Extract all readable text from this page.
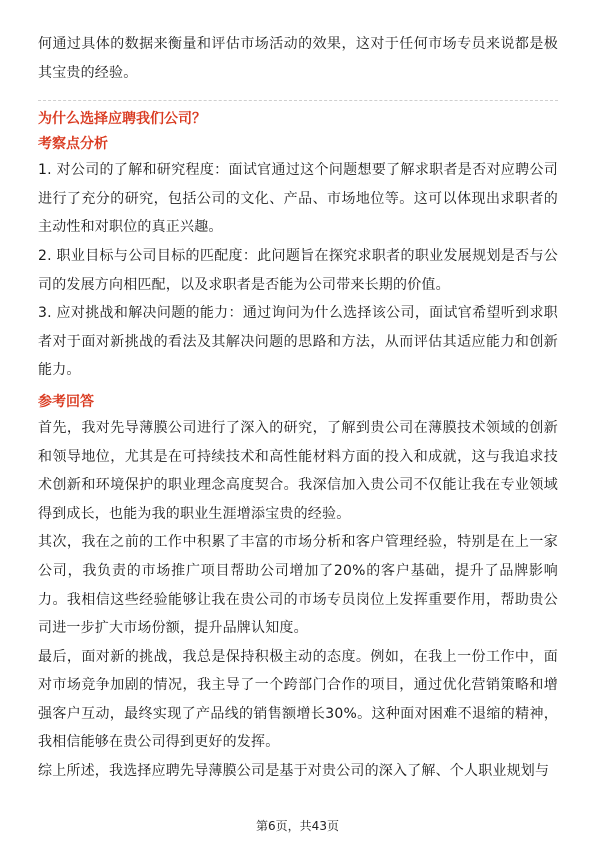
何通过具体的数据来衡量和评估市场活动的效果，这对于任何市场专员来说都是极其宝贵的经验。

为什么选择应聘我们公司？
考察点分析

1. 对公司的了解和研究程度：面试官通过这个问题想要了解求职者是否对应聘公司进行了充分的研究，包括公司的文化、产品、市场地位等。这可以体现出求职者的主动性和对职位的真正兴趣。

2. 职业目标与公司目标的匹配度：此问题旨在探究求职者的职业发展规划是否与公司的发展方向相匹配，以及求职者是否能为公司带来长期的价值。

3. 应对挑战和解决问题的能力：通过询问为什么选择该公司，面试官希望听到求职者对于面对新挑战的看法及其解决问题的思路和方法，从而评估其适应能力和创新能力。

参考回答

首先，我对先导薄膜公司进行了深入的研究，了解到贵公司在薄膜技术领域的创新和领导地位，尤其是在可持续技术和高性能材料方面的投入和成就，这与我追求技术创新和环境保护的职业理念高度契合。我深信加入贵公司不仅能让我在专业领域得到成长，也能为我的职业生涯增添宝贵的经验。

其次，我在之前的工作中积累了丰富的市场分析和客户管理经验，特别是在上一家公司，我负责的市场推广项目帮助公司增加了20%的客户基础，提升了品牌影响力。我相信这些经验能够让我在贵公司的市场专员岗位上发挥重要作用，帮助贵公司进一步扩大市场份额，提升品牌认知度。

最后，面对新的挑战，我总是保持积极主动的态度。例如，在我上一份工作中，面对市场竞争加剧的情况，我主导了一个跨部门合作的项目，通过优化营销策略和增强客户互动，最终实现了产品线的销售额增长30%。这种面对困难不退缩的精神，我相信能够在贵公司得到更好的发挥。

综上所述，我选择应聘先导薄膜公司是基于对贵公司的深入了解、个人职业规划与

第6页，共43页
